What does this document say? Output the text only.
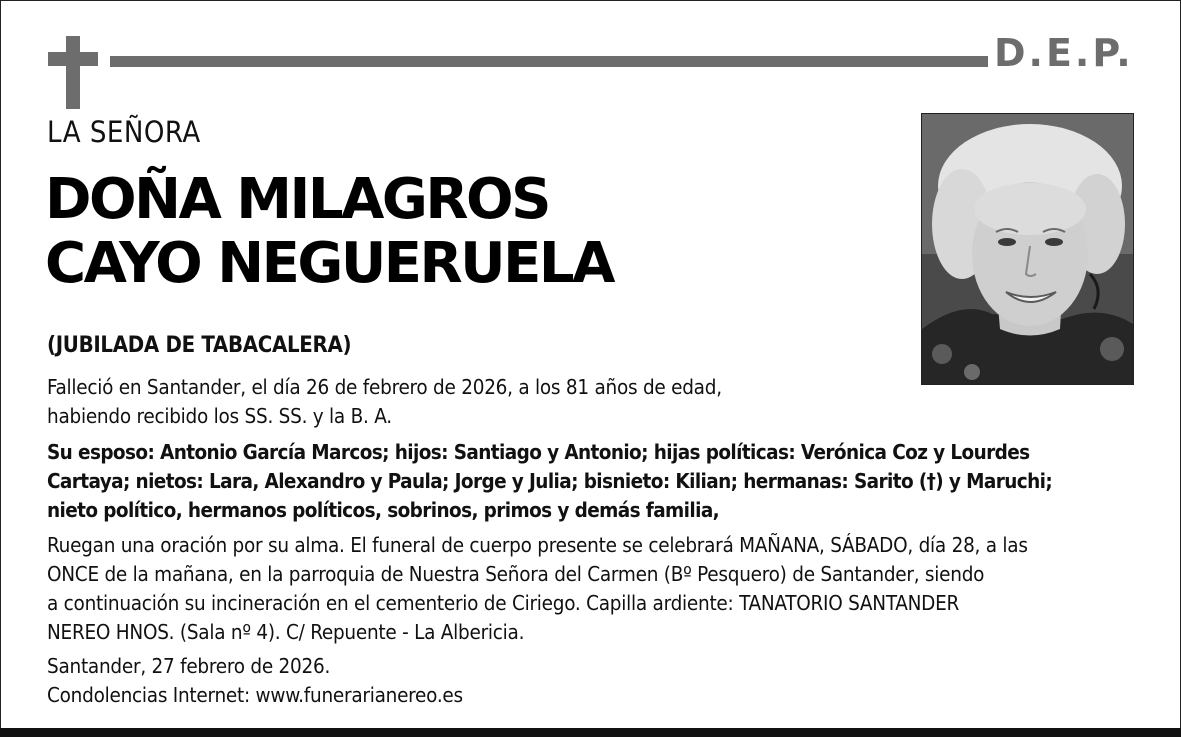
D.E.P.
LA SEÑORA
DOÑA MILAGROS
CAYO NEGUERUELA
(JUBILADA DE TABACALERA)
Falleció en Santander, el día 26 de febrero de 2026, a los 81 años de edad,
habiendo recibido los SS. SS. y la B. A.
Su esposo: Antonio García Marcos; hijos: Santiago y Antonio; hijas políticas: Verónica Coz y Lourdes
Cartaya; nietos: Lara, Alexandro y Paula; Jorge y Julia; bisnieto: Kilian; hermanas: Sarito (†) y Maruchi;
nieto político, hermanos políticos, sobrinos, primos y demás familia,
Ruegan una oración por su alma. El funeral de cuerpo presente se celebrará MAÑANA, SÁBADO, día 28, a las
ONCE de la mañana, en la parroquia de Nuestra Señora del Carmen (Bº Pesquero) de Santander, siendo
a continuación su incineración en el cementerio de Ciriego. Capilla ardiente: TANATORIO SANTANDER
NEREO HNOS. (Sala nº 4). C/ Repuente - La Albericia.
Santander, 27 febrero de 2026.
Condolencias Internet: www.funerarianereo.es
